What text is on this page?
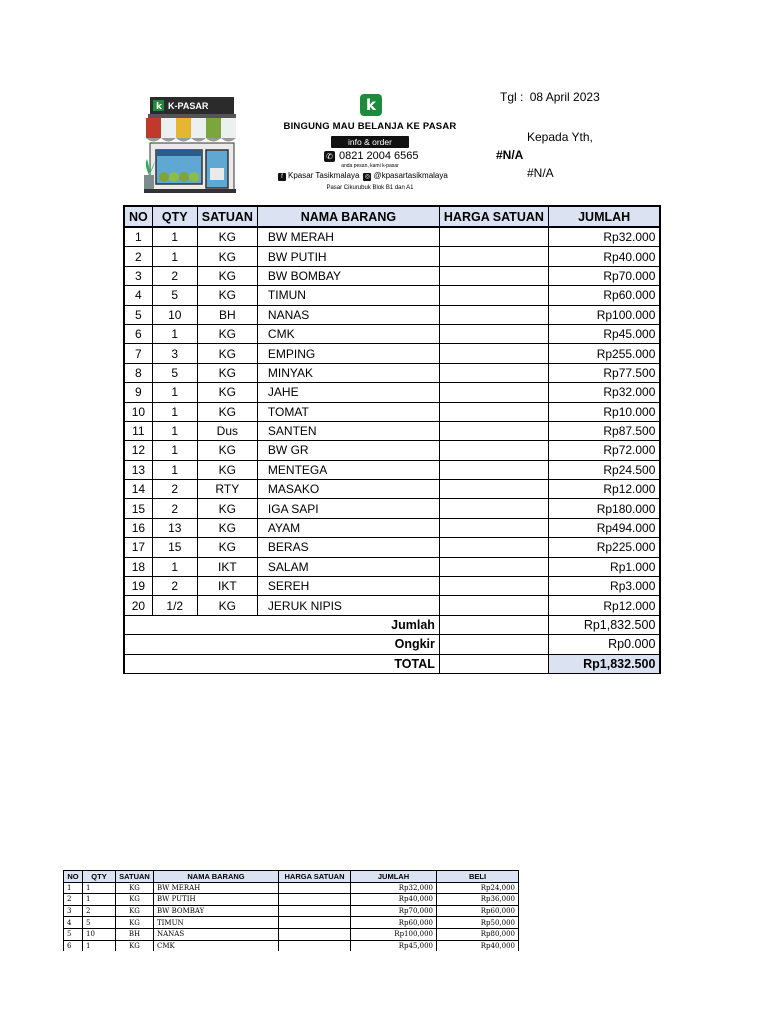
k K-PASAR	k
BINGUNG MAU BELANJA KE PASAR
info & order
✆ 0821 2004 6565
anda pesan, kami k-pasar
f Kpasar Tasikmalaya ◎ @kpasartasikmalaya
Pasar Cikurubuk Blok B1 dan A1
Tgl : 08 April 2023
Kepada Yth,
#N/A
#N/A
NO	QTY	SATUAN	NAMA BARANG	HARGA SATUAN	JUMLAH
1	1	KG	BW MERAH		Rp32.000
2	1	KG	BW PUTIH		Rp40.000
3	2	KG	BW BOMBAY		Rp70.000
4	5	KG	TIMUN		Rp60.000
5	10	BH	NANAS		Rp100.000
6	1	KG	CMK		Rp45.000
7	3	KG	EMPING		Rp255.000
8	5	KG	MINYAK		Rp77.500
9	1	KG	JAHE		Rp32.000
10	1	KG	TOMAT		Rp10.000
11	1	Dus	SANTEN		Rp87.500
12	1	KG	BW GR		Rp72.000
13	1	KG	MENTEGA		Rp24.500
14	2	RTY	MASAKO		Rp12.000
15	2	KG	IGA SAPI		Rp180.000
16	13	KG	AYAM		Rp494.000
17	15	KG	BERAS		Rp225.000
18	1	IKT	SALAM		Rp1.000
19	2	IKT	SEREH		Rp3.000
20	1/2	KG	JERUK NIPIS		Rp12.000
Jumlah					Rp1,832.500
Ongkir					Rp0.000
TOTAL					Rp1,832.500
NO	QTY	SATUAN	NAMA BARANG	HARGA SATUAN	JUMLAH	BELI
1	1	KG	BW MERAH		Rp32,000	Rp24,000
2	1	KG	BW PUTIH		Rp40,000	Rp36,000
3	2	KG	BW BOMBAY		Rp70,000	Rp60,000
4	5	KG	TIMUN		Rp60,000	Rp50,000
5	10	BH	NANAS		Rp100,000	Rp80,000
6	1	KG	CMK		Rp45,000	Rp40,000
